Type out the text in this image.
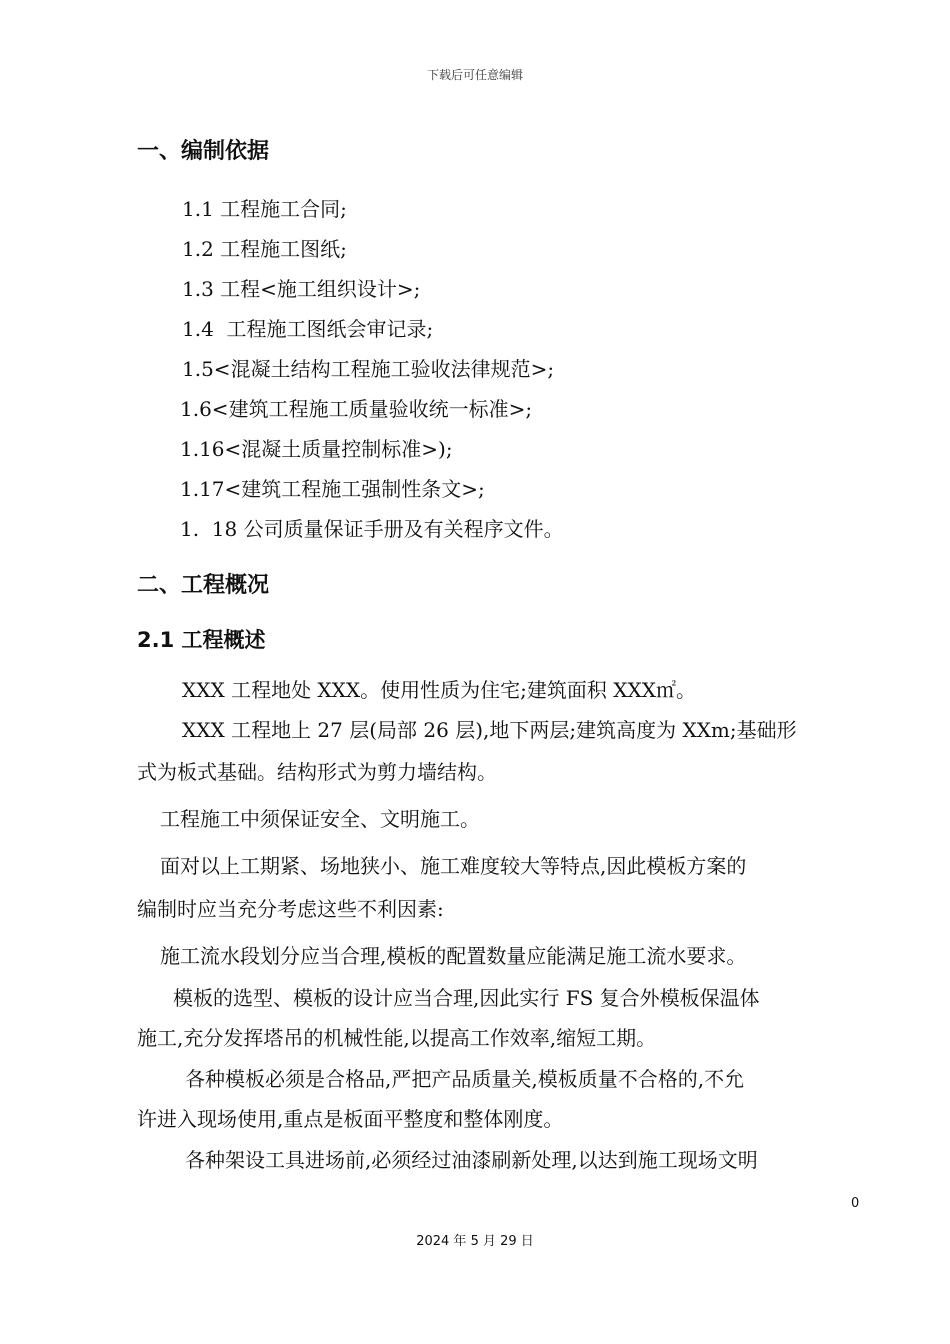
下载后可任意编辑
一、编制依据
1.1 工程施工合同;
1.2 工程施工图纸;
1.3 工程<施工组织设计>;
1.4  工程施工图纸会审记录;
1.5<混凝土结构工程施工验收法律规范>;
1.6<建筑工程施工质量验收统一标准>;
1.16<混凝土质量控制标准>);
1.17<建筑工程施工强制性条文>;
1.  18 公司质量保证手册及有关程序文件。
二、工程概况
2.1 工程概述
XXX 工程地处 XXX。使用性质为住宅;建筑面积 XXX㎡。
XXX 工程地上 27 层(局部 26 层),地下两层;建筑高度为 XXm;基础形
式为板式基础。结构形式为剪力墙结构。
工程施工中须保证安全、文明施工。
面对以上工期紧、场地狭小、施工难度较大等特点,因此模板方案的
编制时应当充分考虑这些不利因素:
施工流水段划分应当合理,模板的配置数量应能满足施工流水要求。
模板的选型、模板的设计应当合理,因此实行 FS 复合外模板保温体
施工,充分发挥塔吊的机械性能,以提高工作效率,缩短工期。
各种模板必须是合格品,严把产品质量关,模板质量不合格的,不允
许进入现场使用,重点是板面平整度和整体刚度。
各种架设工具进场前,必须经过油漆刷新处理,以达到施工现场文明
0
2024 年 5 月 29 日
